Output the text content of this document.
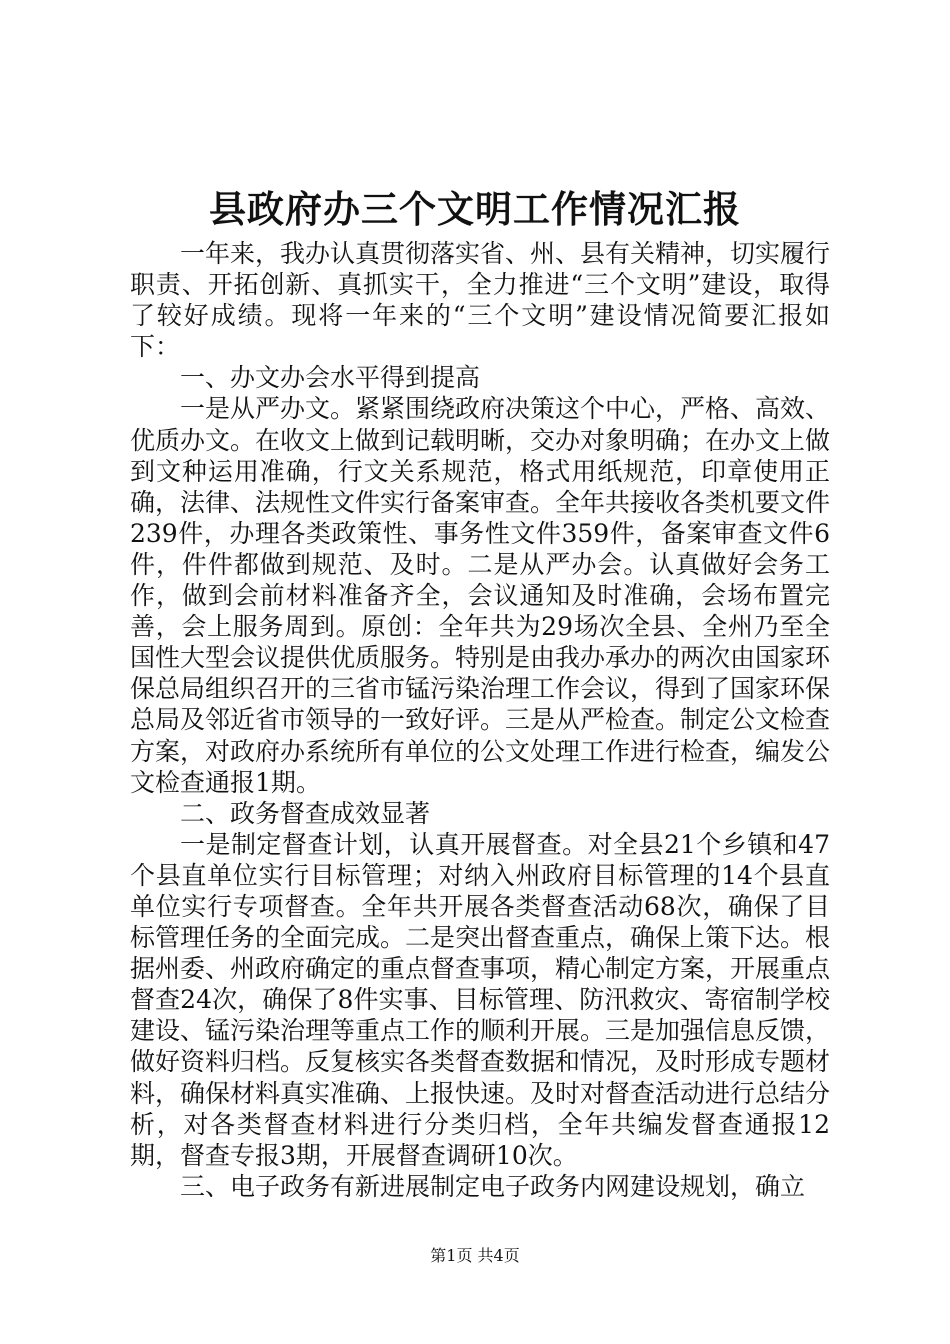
县政府办三个文明工作情况汇报

一年来，我办认真贯彻落实省、州、县有关精神，切实履行职责、开拓创新、真抓实干，全力推进“三个文明”建设，取得了较好成绩。现将一年来的“三个文明”建设情况简要汇报如下：

一、办文办会水平得到提高

一是从严办文。紧紧围绕政府决策这个中心，严格、高效、优质办文。在收文上做到记载明晰，交办对象明确；在办文上做到文种运用准确，行文关系规范，格式用纸规范，印章使用正确，法律、法规性文件实行备案审查。全年共接收各类机要文件239件，办理各类政策性、事务性文件359件，备案审查文件6件，件件都做到规范、及时。二是从严办会。认真做好会务工作，做到会前材料准备齐全，会议通知及时准确，会场布置完善，会上服务周到。原创：全年共为29场次全县、全州乃至全国性大型会议提供优质服务。特别是由我办承办的两次由国家环保总局组织召开的三省市锰污染治理工作会议，得到了国家环保总局及邻近省市领导的一致好评。三是从严检查。制定公文检查方案，对政府办系统所有单位的公文处理工作进行检查，编发公文检查通报1期。

二、政务督查成效显著

一是制定督查计划，认真开展督查。对全县21个乡镇和47个县直单位实行目标管理；对纳入州政府目标管理的14个县直单位实行专项督查。全年共开展各类督查活动68次，确保了目标管理任务的全面完成。二是突出督查重点，确保上策下达。根据州委、州政府确定的重点督查事项，精心制定方案，开展重点督查24次，确保了8件实事、目标管理、防汛救灾、寄宿制学校建设、锰污染治理等重点工作的顺利开展。三是加强信息反馈，做好资料归档。反复核实各类督查数据和情况，及时形成专题材料，确保材料真实准确、上报快速。及时对督查活动进行总结分析，对各类督查材料进行分类归档，全年共编发督查通报12期，督查专报3期，开展督查调研10次。

三、电子政务有新进展制定电子政务内网建设规划，确立

第1页 共4页
